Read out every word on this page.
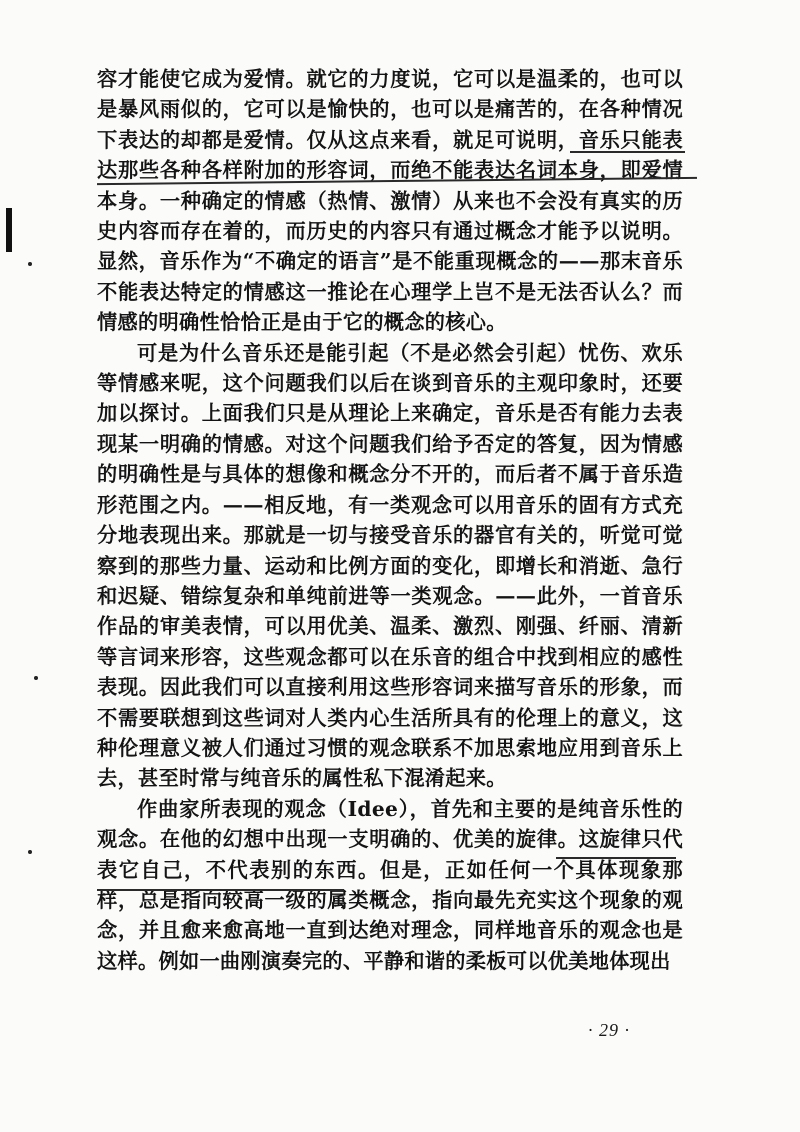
容才能使它成为爱情。就它的力度说，它可以是温柔的，也可以是暴风雨似的，它可以是愉快的，也可以是痛苦的，在各种情况下表达的却都是爱情。仅从这点来看，就足可说明，音乐只能表达那些各种各样附加的形容词，而绝不能表达名词本身，即爱情本身。一种确定的情感（热情、激情）从来也不会没有真实的历史内容而存在着的，而历史的内容只有通过概念才能予以说明。显然，音乐作为“不确定的语言”是不能重现概念的——那末音乐不能表达特定的情感这一推论在心理学上岂不是无法否认么？而情感的明确性恰恰正是由于它的概念的核心。

可是为什么音乐还是能引起（不是必然会引起）忧伤、欢乐等情感来呢，这个问题我们以后在谈到音乐的主观印象时，还要加以探讨。上面我们只是从理论上来确定，音乐是否有能力去表现某一明确的情感。对这个问题我们给予否定的答复，因为情感的明确性是与具体的想像和概念分不开的，而后者不属于音乐造形范围之内。——相反地，有一类观念可以用音乐的固有方式充分地表现出来。那就是一切与接受音乐的器官有关的，听觉可觉察到的那些力量、运动和比例方面的变化，即增长和消逝、急行和迟疑、错综复杂和单纯前进等一类观念。——此外，一首音乐作品的审美表情，可以用优美、温柔、激烈、刚强、纤丽、清新等言词来形容，这些观念都可以在乐音的组合中找到相应的感性表现。因此我们可以直接利用这些形容词来描写音乐的形象，而不需要联想到这些词对人类内心生活所具有的伦理上的意义，这种伦理意义被人们通过习惯的观念联系不加思索地应用到音乐上去，甚至时常与纯音乐的属性私下混淆起来。

作曲家所表现的观念（Idee），首先和主要的是纯音乐性的观念。在他的幻想中出现一支明确的、优美的旋律。这旋律只代表它自己，不代表别的东西。但是，正如任何一个具体现象那样，总是指向较高一级的属类概念，指向最先充实这个现象的观念，并且愈来愈高地一直到达绝对理念，同样地音乐的观念也是这样。例如一曲刚演奏完的、平静和谐的柔板可以优美地体现出

· 29 ·
